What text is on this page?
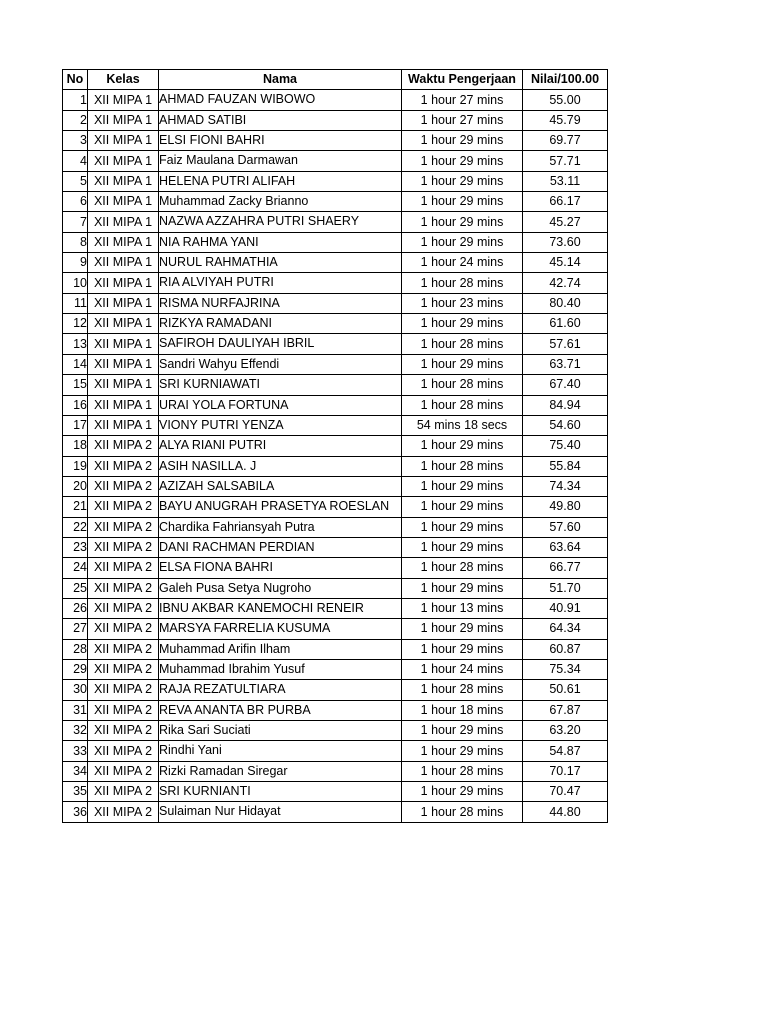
No	Kelas	Nama	Waktu Pengerjaan	Nilai/100.00
1	XII MIPA 1	AHMAD FAUZAN WIBOWO	1 hour 27 mins	55.00
2	XII MIPA 1	AHMAD SATIBI	1 hour 27 mins	45.79
3	XII MIPA 1	ELSI FIONI BAHRI	1 hour 29 mins	69.77
4	XII MIPA 1	Faiz Maulana Darmawan	1 hour 29 mins	57.71
5	XII MIPA 1	HELENA PUTRI ALIFAH	1 hour 29 mins	53.11
6	XII MIPA 1	Muhammad Zacky Brianno	1 hour 29 mins	66.17
7	XII MIPA 1	NAZWA AZZAHRA PUTRI SHAERY	1 hour 29 mins	45.27
8	XII MIPA 1	NIA RAHMA YANI	1 hour 29 mins	73.60
9	XII MIPA 1	NURUL RAHMATHIA	1 hour 24 mins	45.14
10	XII MIPA 1	RIA ALVIYAH PUTRI	1 hour 28 mins	42.74
11	XII MIPA 1	RISMA NURFAJRINA	1 hour 23 mins	80.40
12	XII MIPA 1	RIZKYA RAMADANI	1 hour 29 mins	61.60
13	XII MIPA 1	SAFIROH DAULIYAH IBRIL	1 hour 28 mins	57.61
14	XII MIPA 1	Sandri Wahyu Effendi	1 hour 29 mins	63.71
15	XII MIPA 1	SRI KURNIAWATI	1 hour 28 mins	67.40
16	XII MIPA 1	URAI YOLA FORTUNA	1 hour 28 mins	84.94
17	XII MIPA 1	VIONY PUTRI YENZA	54 mins 18 secs	54.60
18	XII MIPA 2	ALYA RIANI PUTRI	1 hour 29 mins	75.40
19	XII MIPA 2	ASIH NASILLA. J	1 hour 28 mins	55.84
20	XII MIPA 2	AZIZAH SALSABILA	1 hour 29 mins	74.34
21	XII MIPA 2	BAYU ANUGRAH PRASETYA ROESLAN	1 hour 29 mins	49.80
22	XII MIPA 2	Chardika Fahriansyah Putra	1 hour 29 mins	57.60
23	XII MIPA 2	DANI RACHMAN PERDIAN	1 hour 29 mins	63.64
24	XII MIPA 2	ELSA FIONA BAHRI	1 hour 28 mins	66.77
25	XII MIPA 2	Galeh Pusa Setya Nugroho	1 hour 29 mins	51.70
26	XII MIPA 2	IBNU AKBAR KANEMOCHI RENEIR	1 hour 13 mins	40.91
27	XII MIPA 2	MARSYA FARRELIA KUSUMA	1 hour 29 mins	64.34
28	XII MIPA 2	Muhammad Arifin Ilham	1 hour 29 mins	60.87
29	XII MIPA 2	Muhammad Ibrahim Yusuf	1 hour 24 mins	75.34
30	XII MIPA 2	RAJA REZATULTIARA	1 hour 28 mins	50.61
31	XII MIPA 2	REVA ANANTA BR PURBA	1 hour 18 mins	67.87
32	XII MIPA 2	Rika Sari Suciati	1 hour 29 mins	63.20
33	XII MIPA 2	Rindhi Yani	1 hour 29 mins	54.87
34	XII MIPA 2	Rizki Ramadan Siregar	1 hour 28 mins	70.17
35	XII MIPA 2	SRI KURNIANTI	1 hour 29 mins	70.47
36	XII MIPA 2	Sulaiman Nur Hidayat	1 hour 28 mins	44.80
